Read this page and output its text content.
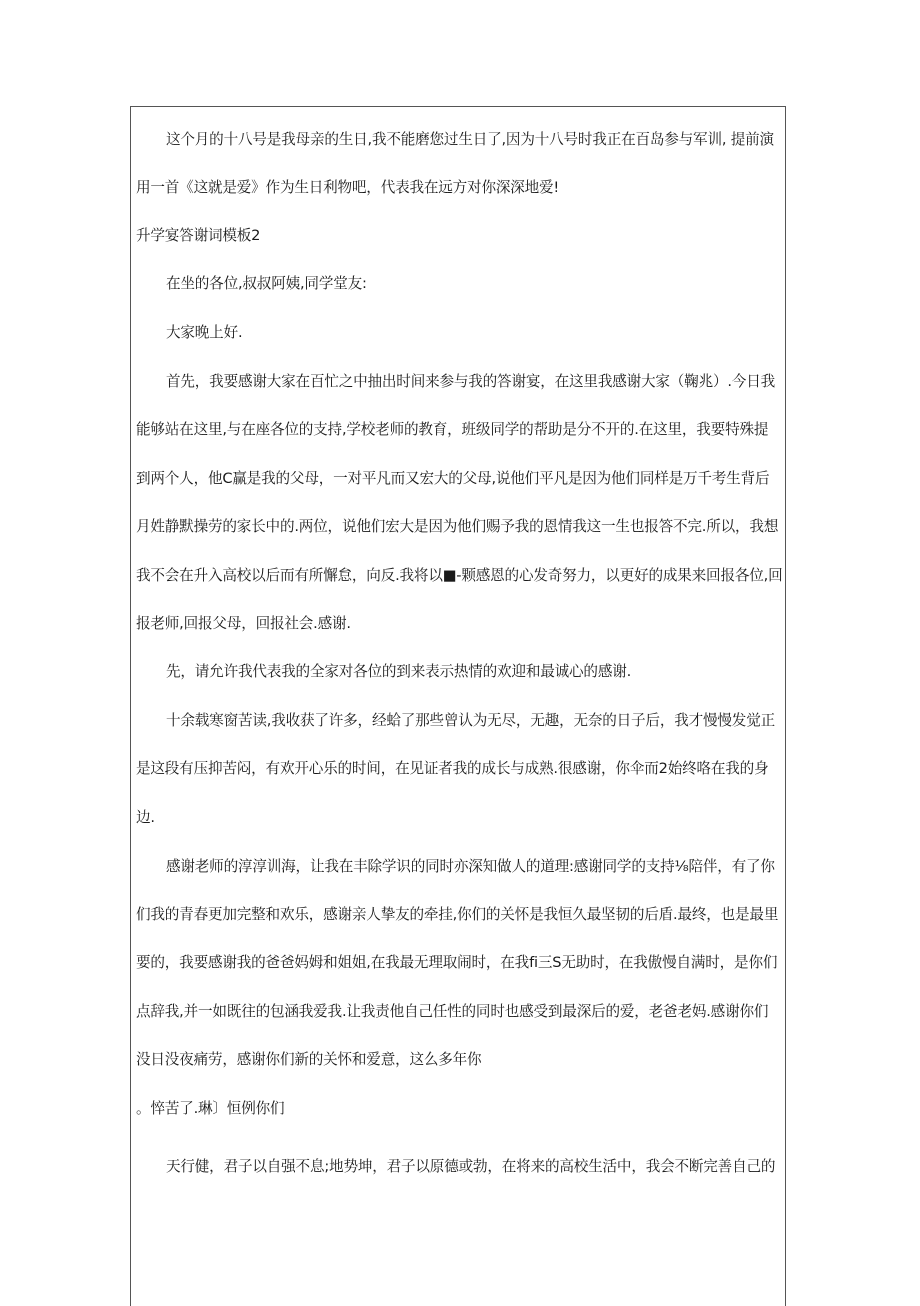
这个月的十八号是我母亲的生日,我不能磨您过生日了,因为十八号时我正在百岛参与军训, 提前演
用一首《这就是爱》作为生日利物吧，代表我在远方对你深深地爱!
升学宴答谢词模板2
在坐的各位,叔叔阿姨,同学堂友:
大家晚上好.
首先，我要感谢大家在百忙之中抽出时间来参与我的答谢宴，在这里我感谢大家（鞠兆）.今日我
能够站在这里,与在座各位的支持,学校老师的教育，班级同学的帮助是分不开的.在这里，我要特殊提
到两个人，他C赢是我的父母，一对平凡而又宏大的父母,说他们平凡是因为他们同样是万千考生背后
月姓静默操劳的家长中的.两位，说他们宏大是因为他们赐予我的恩情我这一生也报答不完.所以，我想
我不会在升入高校以后而有所懈怠，向反.我将以■-颗感恩的心发奇努力，以更好的成果来回报各位,回
报老师,回报父母，回报社会.感谢.
先，请允许我代表我的全家对各位的到来表示热情的欢迎和最诚心的感谢.
十余载寒窗苦读,我收获了许多，经蛤了那些曾认为无尽，无趣，无奈的日子后，我才慢慢发觉正
是这段有压抑苦闷，有欢开心乐的时间，在见证者我的成长与成熟.很感谢，你伞而2始终咯在我的身
边.
感谢老师的淳淳训海，让我在丰除学识的同时亦深知做人的道理:感谢同学的支持⅛陪伴，有了你
们我的青春更加完整和欢乐，感谢亲人挚友的牵挂,你们的关怀是我恒久最坚韧的后盾.最终，也是最里
要的，我要感谢我的爸爸妈姆和姐姐,在我最无理取闹时，在我fi三S无助时，在我傲慢自满时，是你们
点辞我,并一如既往的包涵我爱我.让我责他自己任性的同时也感受到最深后的爱，老爸老妈.感谢你们
没日没夜痛劳，感谢你们新的关怀和爱意，这么多年你
。悴苦了.琳〕恒例你们
天行健，君子以自强不息;地势坤，君子以原德或勃，在将来的高校生活中，我会不断完善自己的
